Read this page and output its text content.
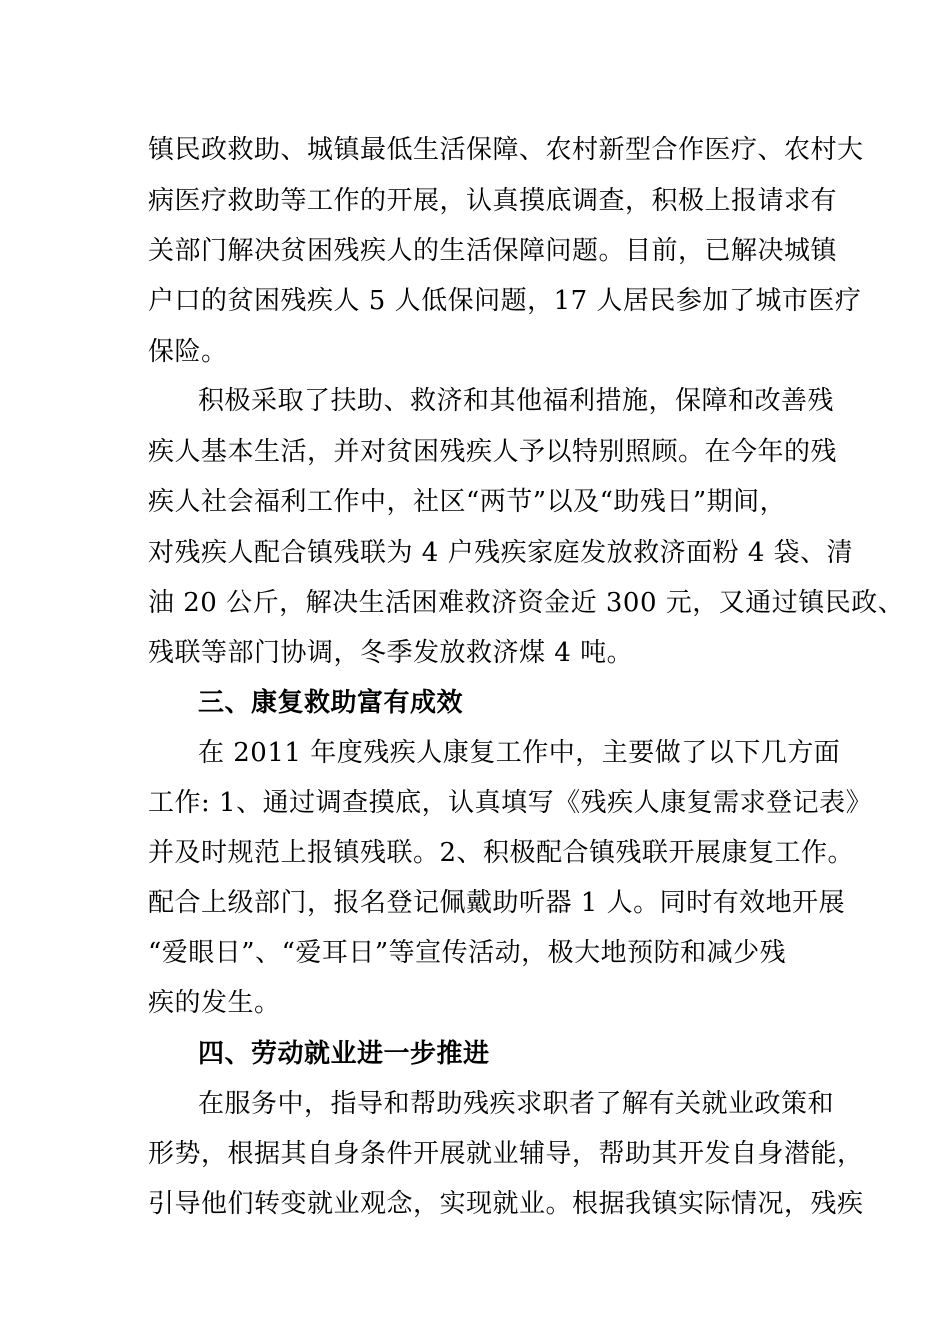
镇民政救助、城镇最低生活保障、农村新型合作医疗、农村大
病医疗救助等工作的开展，认真摸底调查，积极上报请求有
关部门解决贫困残疾人的生活保障问题。目前，已解决城镇
户口的贫困残疾人 5 人低保问题，17 人居民参加了城市医疗
保险。
积极采取了扶助、救济和其他福利措施，保障和改善残
疾人基本生活，并对贫困残疾人予以特别照顾。在今年的残
疾人社会福利工作中，社区“两节”以及“助残日”期间，
对残疾人配合镇残联为 4 户残疾家庭发放救济面粉 4 袋、清
油 20 公斤，解决生活困难救济资金近 300 元，又通过镇民政、
残联等部门协调，冬季发放救济煤 4 吨。
三、康复救助富有成效
在 2011 年度残疾人康复工作中，主要做了以下几方面
工作: 1、通过调查摸底，认真填写《残疾人康复需求登记表》
并及时规范上报镇残联。2、积极配合镇残联开展康复工作。
配合上级部门，报名登记佩戴助听器 1 人。同时有效地开展
“爱眼日”、“爱耳日”等宣传活动，极大地预防和减少残
疾的发生。
四、劳动就业进一步推进
在服务中，指导和帮助残疾求职者了解有关就业政策和
形势，根据其自身条件开展就业辅导，帮助其开发自身潜能，
引导他们转变就业观念，实现就业。根据我镇实际情况，残疾
